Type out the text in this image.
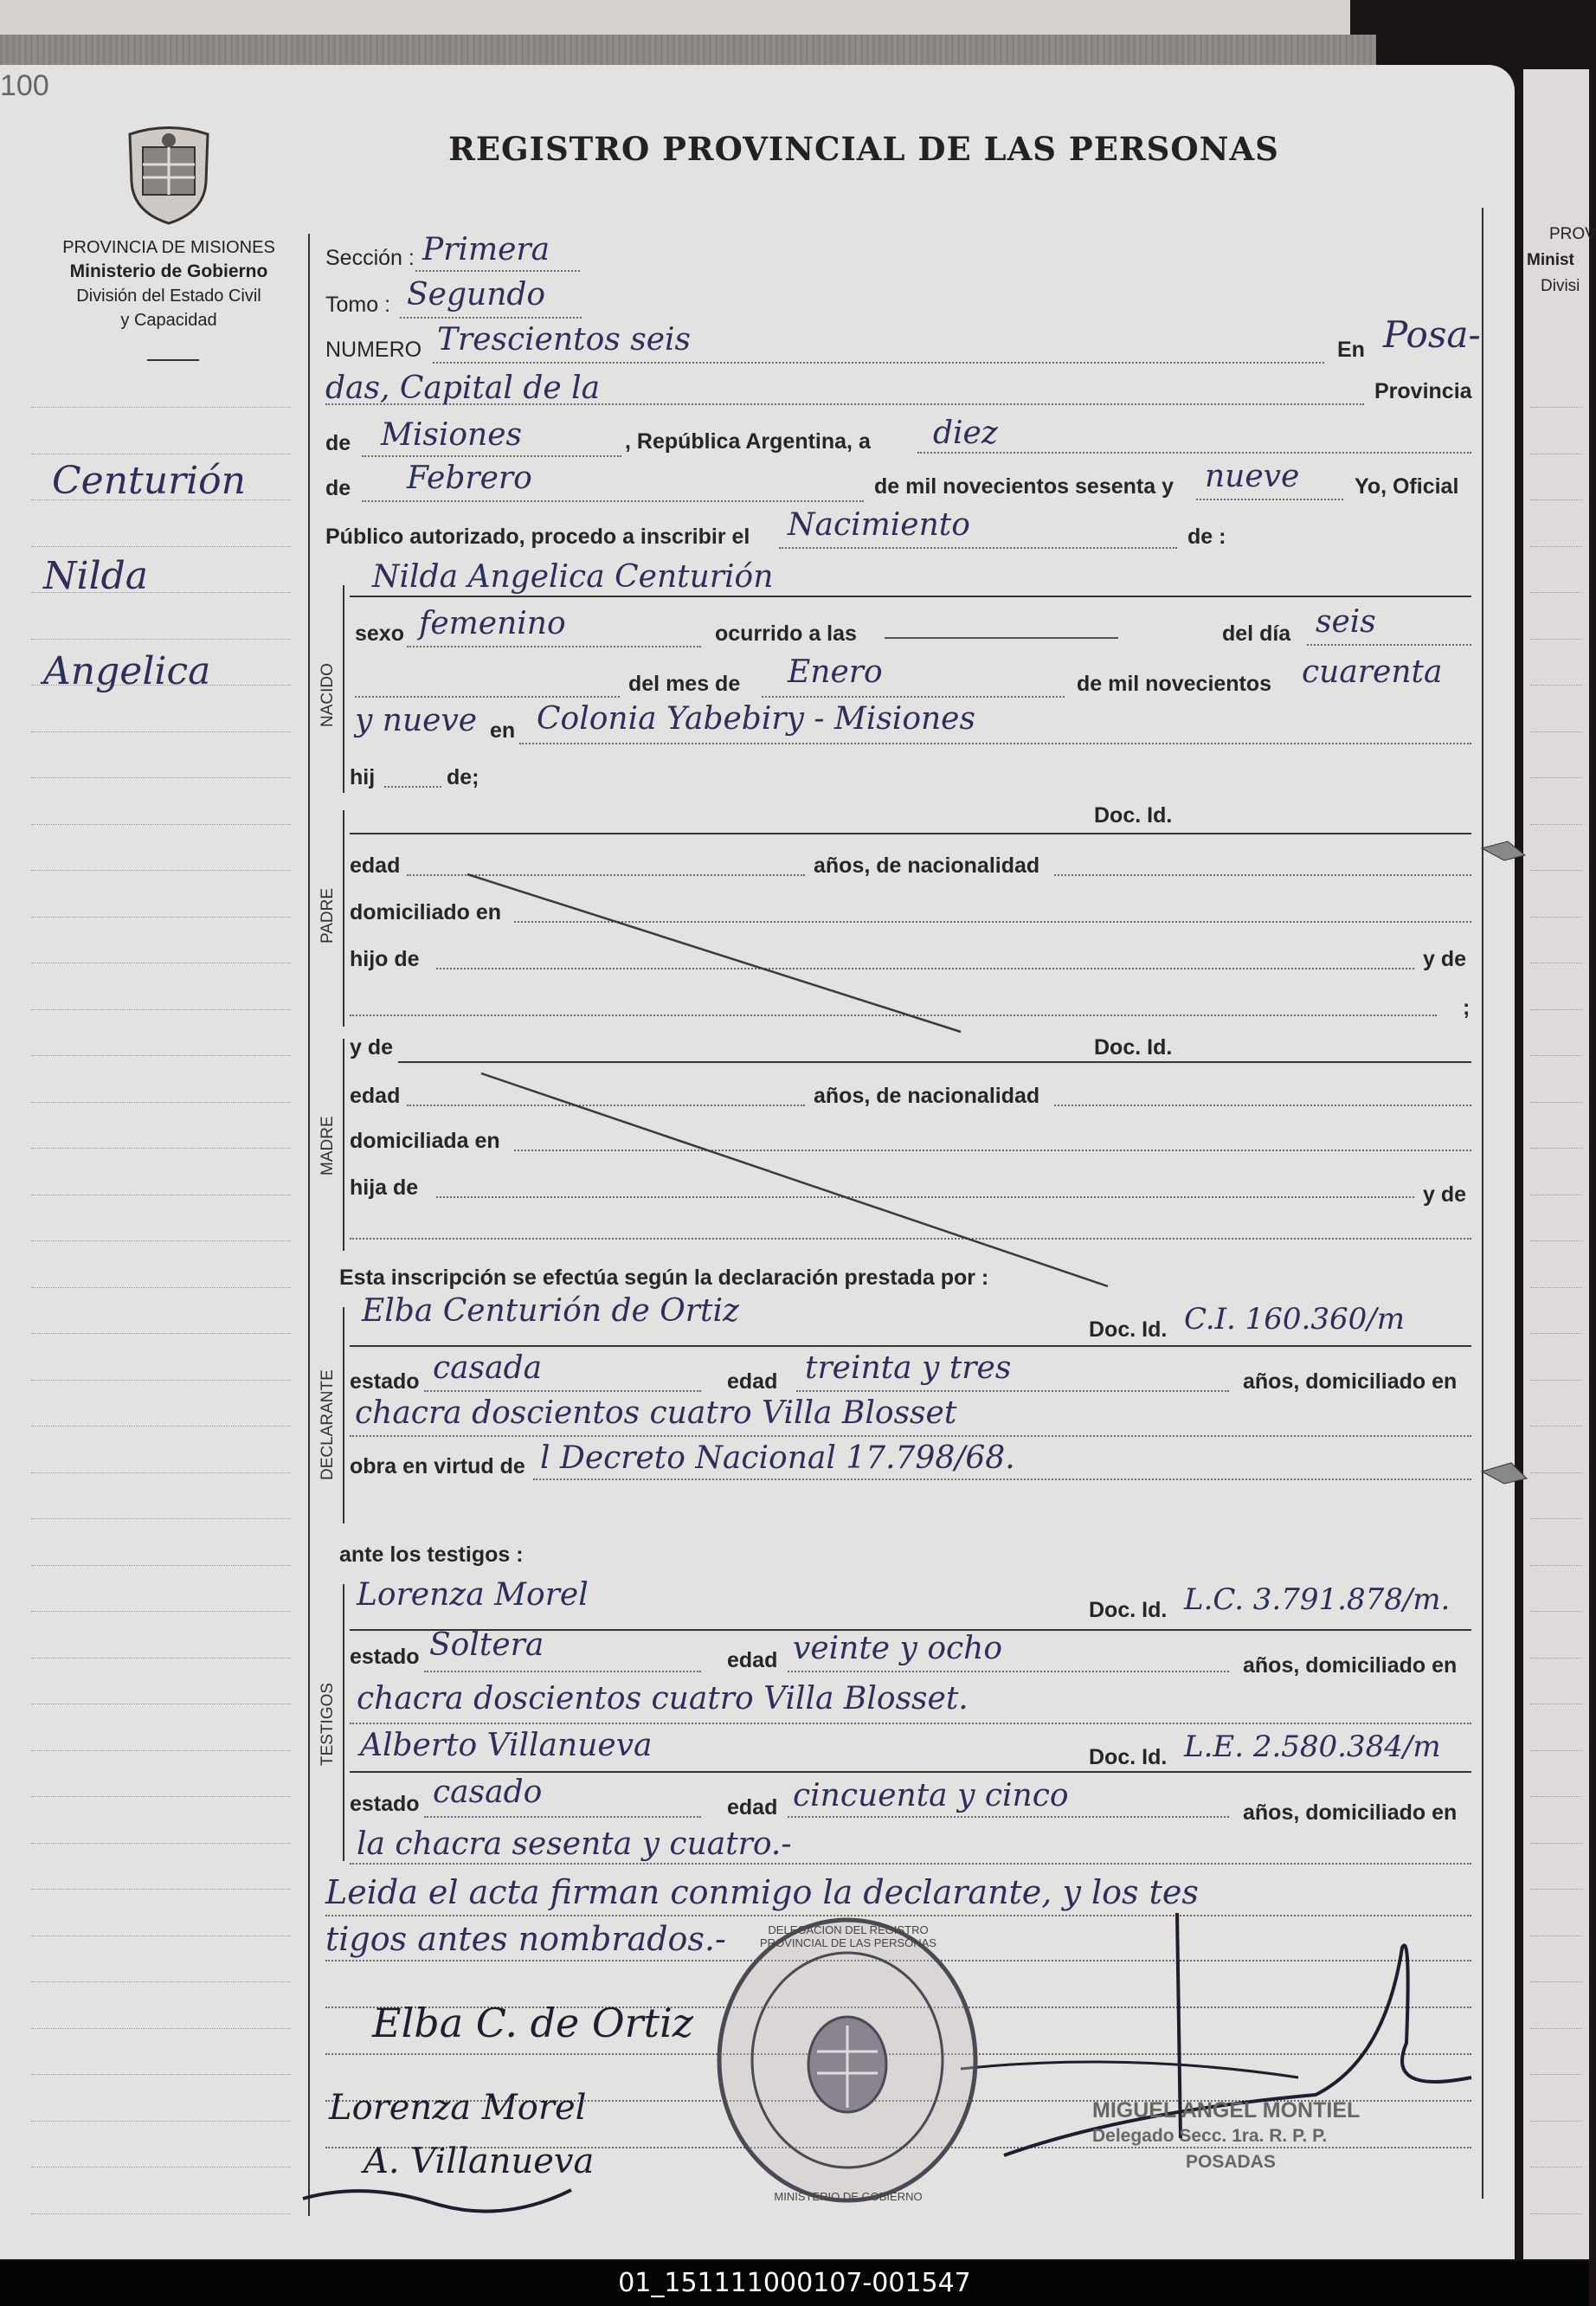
100
PROVINCIA DE MISIONES
Ministerio de Gobierno
División del Estado Civil
y Capacidad
REGISTRO PROVINCIAL DE LAS PERSONAS
PROV
Minist
Divisi
Centurión
Nilda
Angelica
Sección : Primera
Tomo : Segundo
NUMERO Trescientos seis	En Posa-
das, Capital de la	Provincia
de Misiones	, República Argentina, a diez
de Febrero	de mil novecientos sesenta y nueve	Yo, Oficial
Público autorizado, procedo a inscribir el Nacimiento	de :
NACIDO
Nilda Angelica Centurión
sexo femenino	ocurrido a las	del día seis
del mes de Enero	de mil novecientos cuarenta
y nueve en Colonia Yabebiry - Misiones
hij	de;
PADRE
Doc. Id.
edad	años, de nacionalidad
domiciliado en
hijo de	y de
;
MADRE
y de	Doc. Id.
edad	años, de nacionalidad
domiciliada en
hija de	y de
Esta inscripción se efectúa según la declaración prestada por :
DECLARANTE
Elba Centurión de Ortiz
Doc. Id. C.I. 160.360/m
estado casada	edad treinta y tres	años, domiciliado en
chacra doscientos cuatro Villa Blosset
obra en virtud de l Decreto Nacional 17.798/68.
ante los testigos :
TESTIGOS
Lorenza Morel	Doc. Id. L.C. 3.791.878/m.
estado Soltera	edad veinte y ocho	años, domiciliado en
chacra doscientos cuatro Villa Blosset.
Alberto Villanueva	Doc. Id. L.E. 2.580.384/m
estado casado	edad cincuenta y cinco	años, domiciliado en
la chacra sesenta y cuatro.-
Leida el acta firman conmigo la declarante, y los tes
tigos antes nombrados.-
Elba C. de Ortiz
Lorenza Morel
A. Villanueva
MINISTERIO DE GOBIERNO
DELEGACION DEL REGISTRO PROVINCIAL DE LAS PERSONAS
MIGUEL ANGEL MONTIEL
Delegado Secc. 1ra. R. P. P.
POSADAS
01_151111000107-001547
